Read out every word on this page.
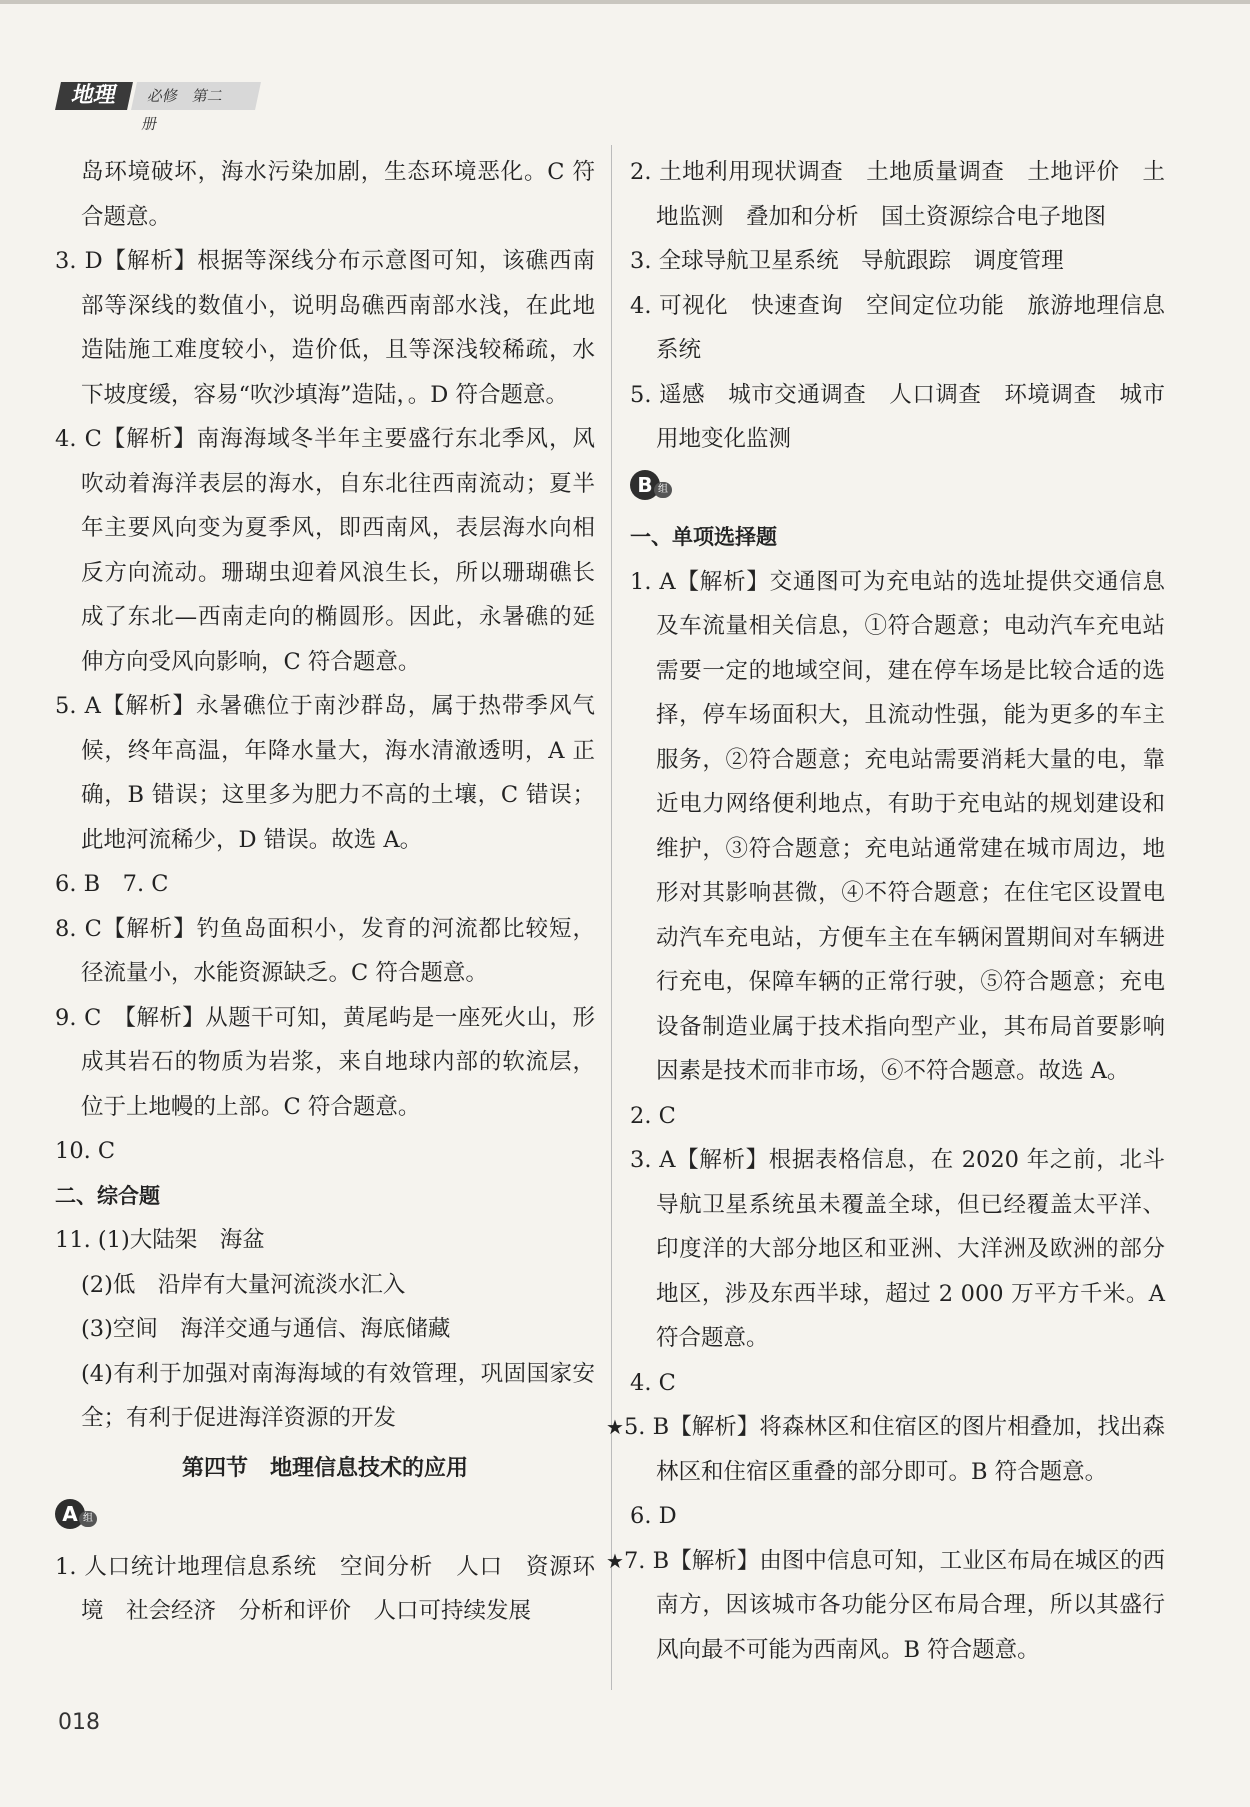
必修 第二册
地理

岛环境破坏，海水污染加剧，生态环境恶化。C 符合题意。

3. D【解析】根据等深线分布示意图可知，该礁西南部等深线的数值小，说明岛礁西南部水浅，在此地造陆施工难度较小，造价低，且等深浅较稀疏，水下坡度缓，容易“吹沙填海”造陆，。D 符合题意。

4. C【解析】南海海域冬半年主要盛行东北季风，风吹动着海洋表层的海水，自东北往西南流动；夏半年主要风向变为夏季风，即西南风，表层海水向相反方向流动。珊瑚虫迎着风浪生长，所以珊瑚礁长成了东北—西南走向的椭圆形。因此，永暑礁的延伸方向受风向影响，C 符合题意。

5. A【解析】永暑礁位于南沙群岛，属于热带季风气候，终年高温，年降水量大，海水清澈透明，A 正确，B 错误；这里多为肥力不高的土壤，C 错误；此地河流稀少，D 错误。故选 A。

6. B　7. C

8. C【解析】钓鱼岛面积小，发育的河流都比较短，径流量小，水能资源缺乏。C 符合题意。

9. C　【解析】从题干可知，黄尾屿是一座死火山，形成其岩石的物质为岩浆，来自地球内部的软流层，位于上地幔的上部。C 符合题意。

10. C

二、综合题

11. (1)大陆架　海盆

(2)低　沿岸有大量河流淡水汇入

(3)空间　海洋交通与通信、海底储藏

(4)有利于加强对南海海域的有效管理，巩固国家安全；有利于促进海洋资源的开发

第四节　地理信息技术的应用

A 组

1. 人口统计地理信息系统　空间分析　人口　资源环境　社会经济　分析和评价　人口可持续发展

2. 土地利用现状调查　土地质量调查　土地评价　土地监测　叠加和分析　国土资源综合电子地图

3. 全球导航卫星系统　导航跟踪　调度管理

4. 可视化　快速查询　空间定位功能　旅游地理信息系统

5. 遥感　城市交通调查　人口调查　环境调查　城市用地变化监测

B 组

一、单项选择题

1. A【解析】交通图可为充电站的选址提供交通信息及车流量相关信息，①符合题意；电动汽车充电站需要一定的地域空间，建在停车场是比较合适的选择，停车场面积大，且流动性强，能为更多的车主服务，②符合题意；充电站需要消耗大量的电，靠近电力网络便利地点，有助于充电站的规划建设和维护，③符合题意；充电站通常建在城市周边，地形对其影响甚微，④不符合题意；在住宅区设置电动汽车充电站，方便车主在车辆闲置期间对车辆进行充电，保障车辆的正常行驶，⑤符合题意；充电设备制造业属于技术指向型产业，其布局首要影响因素是技术而非市场，⑥不符合题意。故选 A。

2. C

3. A【解析】根据表格信息，在 2020 年之前，北斗导航卫星系统虽未覆盖全球，但已经覆盖太平洋、印度洋的大部分地区和亚洲、大洋洲及欧洲的部分地区，涉及东西半球，超过 2 000 万平方千米。A 符合题意。

4. C

★5. B【解析】将森林区和住宿区的图片相叠加，找出森林区和住宿区重叠的部分即可。B 符合题意。

6. D

★7. B【解析】由图中信息可知，工业区布局在城区的西南方，因该城市各功能分区布局合理，所以其盛行风向最不可能为西南风。B 符合题意。

018
